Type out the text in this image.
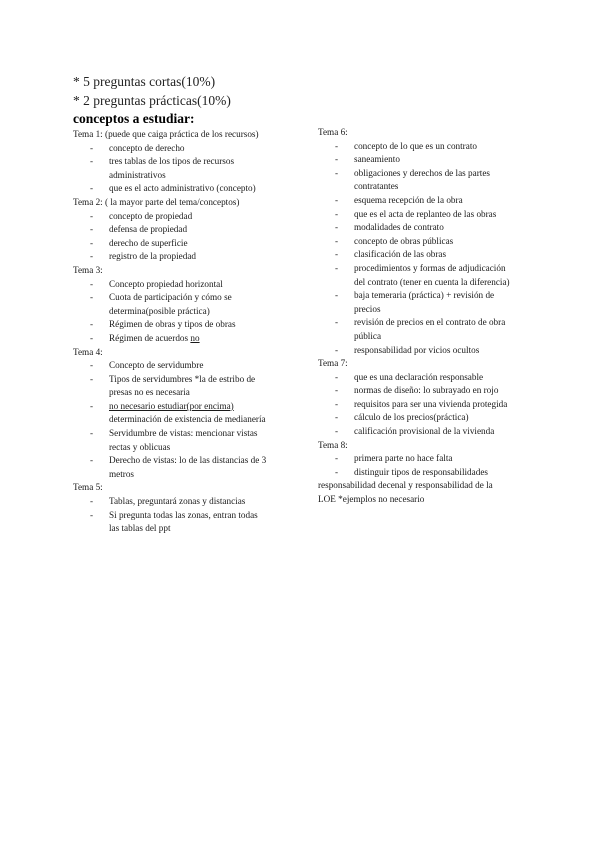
* 5 preguntas cortas(10%)
* 2 preguntas prácticas(10%)
conceptos a estudiar:
Tema 1: (puede que caiga práctica de los recursos)
- concepto de derecho
- tres tablas de los tipos de recursos
administrativos
- que es el acto administrativo (concepto)
Tema 2: ( la mayor parte del tema/conceptos)
- concepto de propiedad
- defensa de propiedad
- derecho de superficie
- registro de la propiedad
Tema 3:
- Concepto propiedad horizontal
- Cuota de participación y cómo se
determina(posible práctica)
- Régimen de obras y tipos de obras
- Régimen de acuerdos no
Tema 4:
- Concepto de servidumbre
- Tipos de servidumbres *la de estribo de
presas no es necesaria
- no necesario estudiar(por encima)
determinación de existencia de medianería
- Servidumbre de vistas: mencionar vistas
rectas y oblicuas
- Derecho de vistas: lo de las distancias de 3
metros
Tema 5:
- Tablas, preguntará zonas y distancias
- Si pregunta todas las zonas, entran todas
las tablas del ppt
Tema 6:
- concepto de lo que es un contrato
- saneamiento
- obligaciones y derechos de las partes
contratantes
- esquema recepción de la obra
- que es el acta de replanteo de las obras
- modalidades de contrato
- concepto de obras públicas
- clasificación de las obras
- procedimientos y formas de adjudicación
del contrato (tener en cuenta la diferencia)
- baja temeraria (práctica) + revisión de
precios
- revisión de precios en el contrato de obra
pública
- responsabilidad por vicios ocultos
Tema 7:
- que es una declaración responsable
- normas de diseño: lo subrayado en rojo
- requisitos para ser una vivienda protegida
- cálculo de los precios(práctica)
- calificación provisional de la vivienda
Tema 8:
- primera parte no hace falta
- distinguir tipos de responsabilidades
responsabilidad decenal y responsabilidad de la
LOE *ejemplos no necesario
